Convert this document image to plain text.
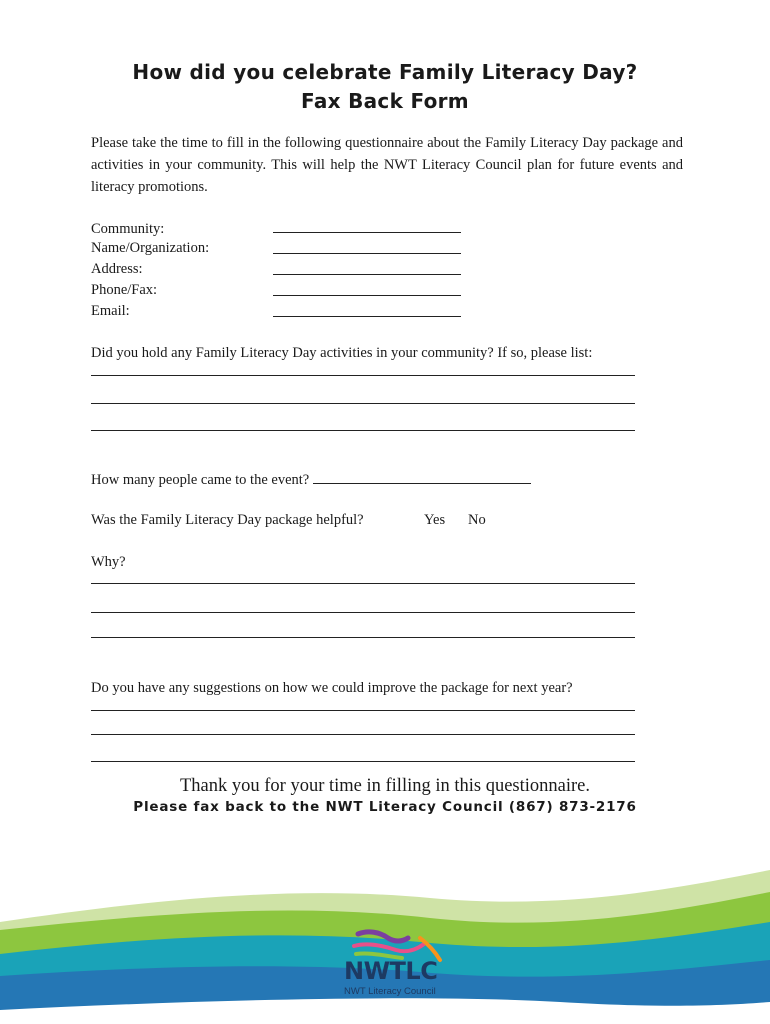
How did you celebrate Family Literacy Day?
Fax Back Form
Please take the time to fill in the following questionnaire about the Family Literacy Day package and activities in your community. This will help the NWT Literacy Council plan for future events and literacy promotions.
Community:
Name/Organization:
Address:
Phone/Fax:
Email:
Did you hold any Family Literacy Day activities in your community? If so, please list:
How many people came to the event?
Was the Family Literacy Day package helpful?	Yes No
Why?
Do you have any suggestions on how we could improve the package for next year?
Thank you for your time in filling in this questionnaire.
Please fax back to the NWT Literacy Council (867) 873-2176
NWTLC
NWT Literacy Council
